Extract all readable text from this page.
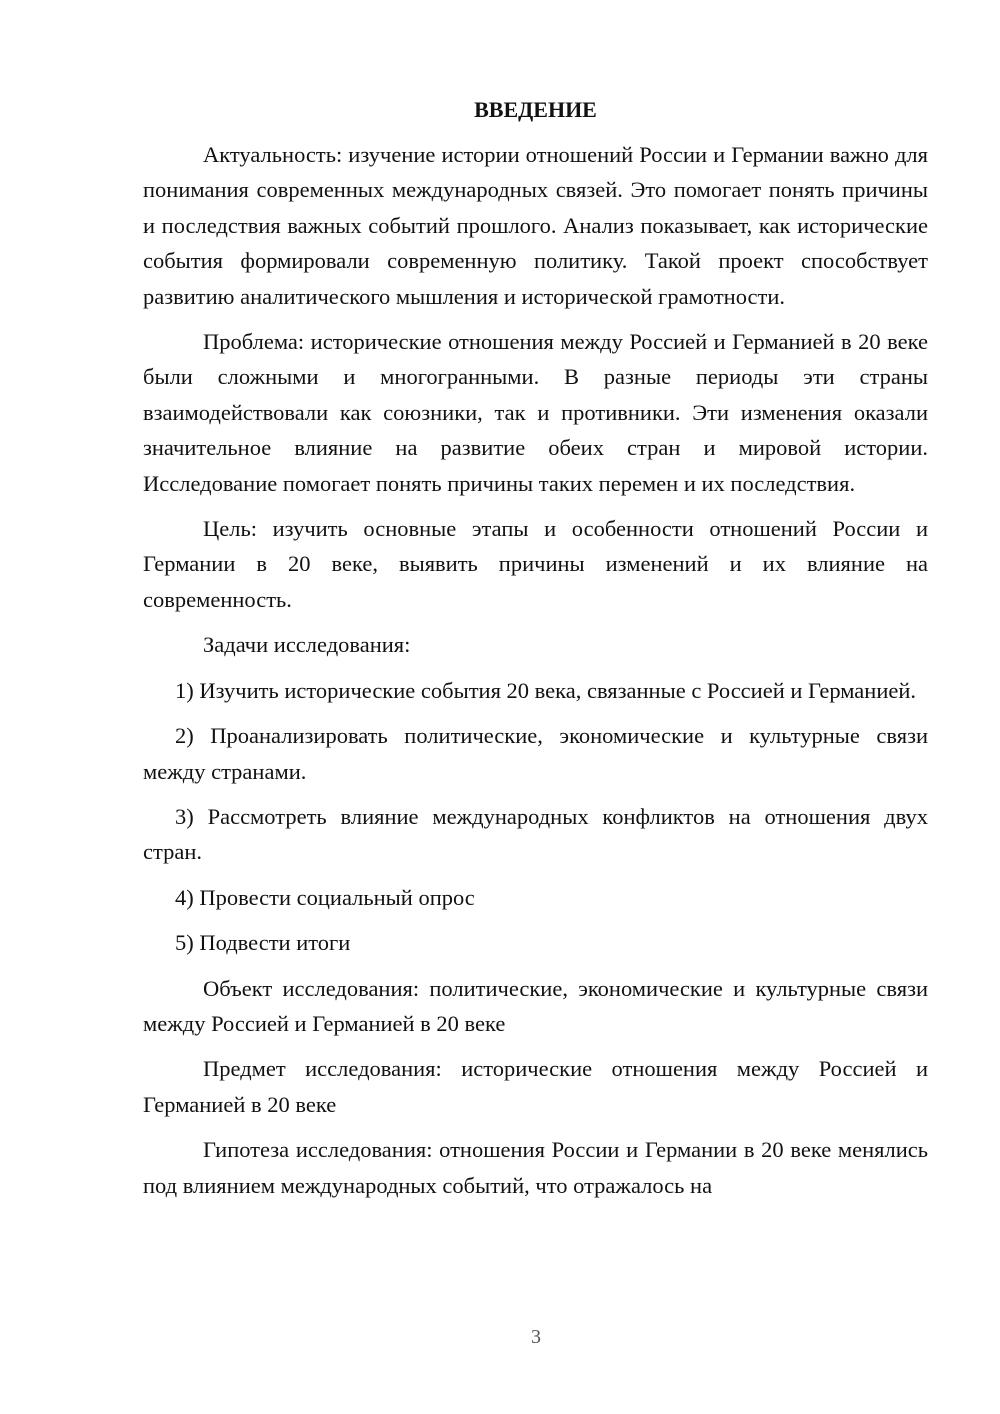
ВВЕДЕНИЕ

Актуальность: изучение истории отношений России и Германии важно для понимания современных международных связей. Это помогает понять причины и последствия важных событий прошлого. Анализ показывает, как исторические события формировали современную политику. Такой проект способствует развитию аналитического мышления и исторической грамотности.

Проблема: исторические отношения между Россией и Германией в 20 веке были сложными и многогранными. В разные периоды эти страны взаимодействовали как союзники, так и противники. Эти изменения оказали значительное влияние на развитие обеих стран и мировой истории. Исследование помогает понять причины таких перемен и их последствия.

Цель: изучить основные этапы и особенности отношений России и Германии в 20 веке, выявить причины изменений и их влияние на современность.

Задачи исследования:

1) Изучить исторические события 20 века, связанные с Россией и Германией.

2) Проанализировать политические, экономические и культурные связи между странами.

3) Рассмотреть влияние международных конфликтов на отношения двух стран.

4) Провести социальный опрос

5) Подвести итоги

Объект исследования: политические, экономические и культурные связи между Россией и Германией в 20 веке

Предмет исследования: исторические отношения между Россией и Германией в 20 веке

Гипотеза исследования: отношения России и Германии в 20 веке менялись под влиянием международных событий, что отражалось на

3
